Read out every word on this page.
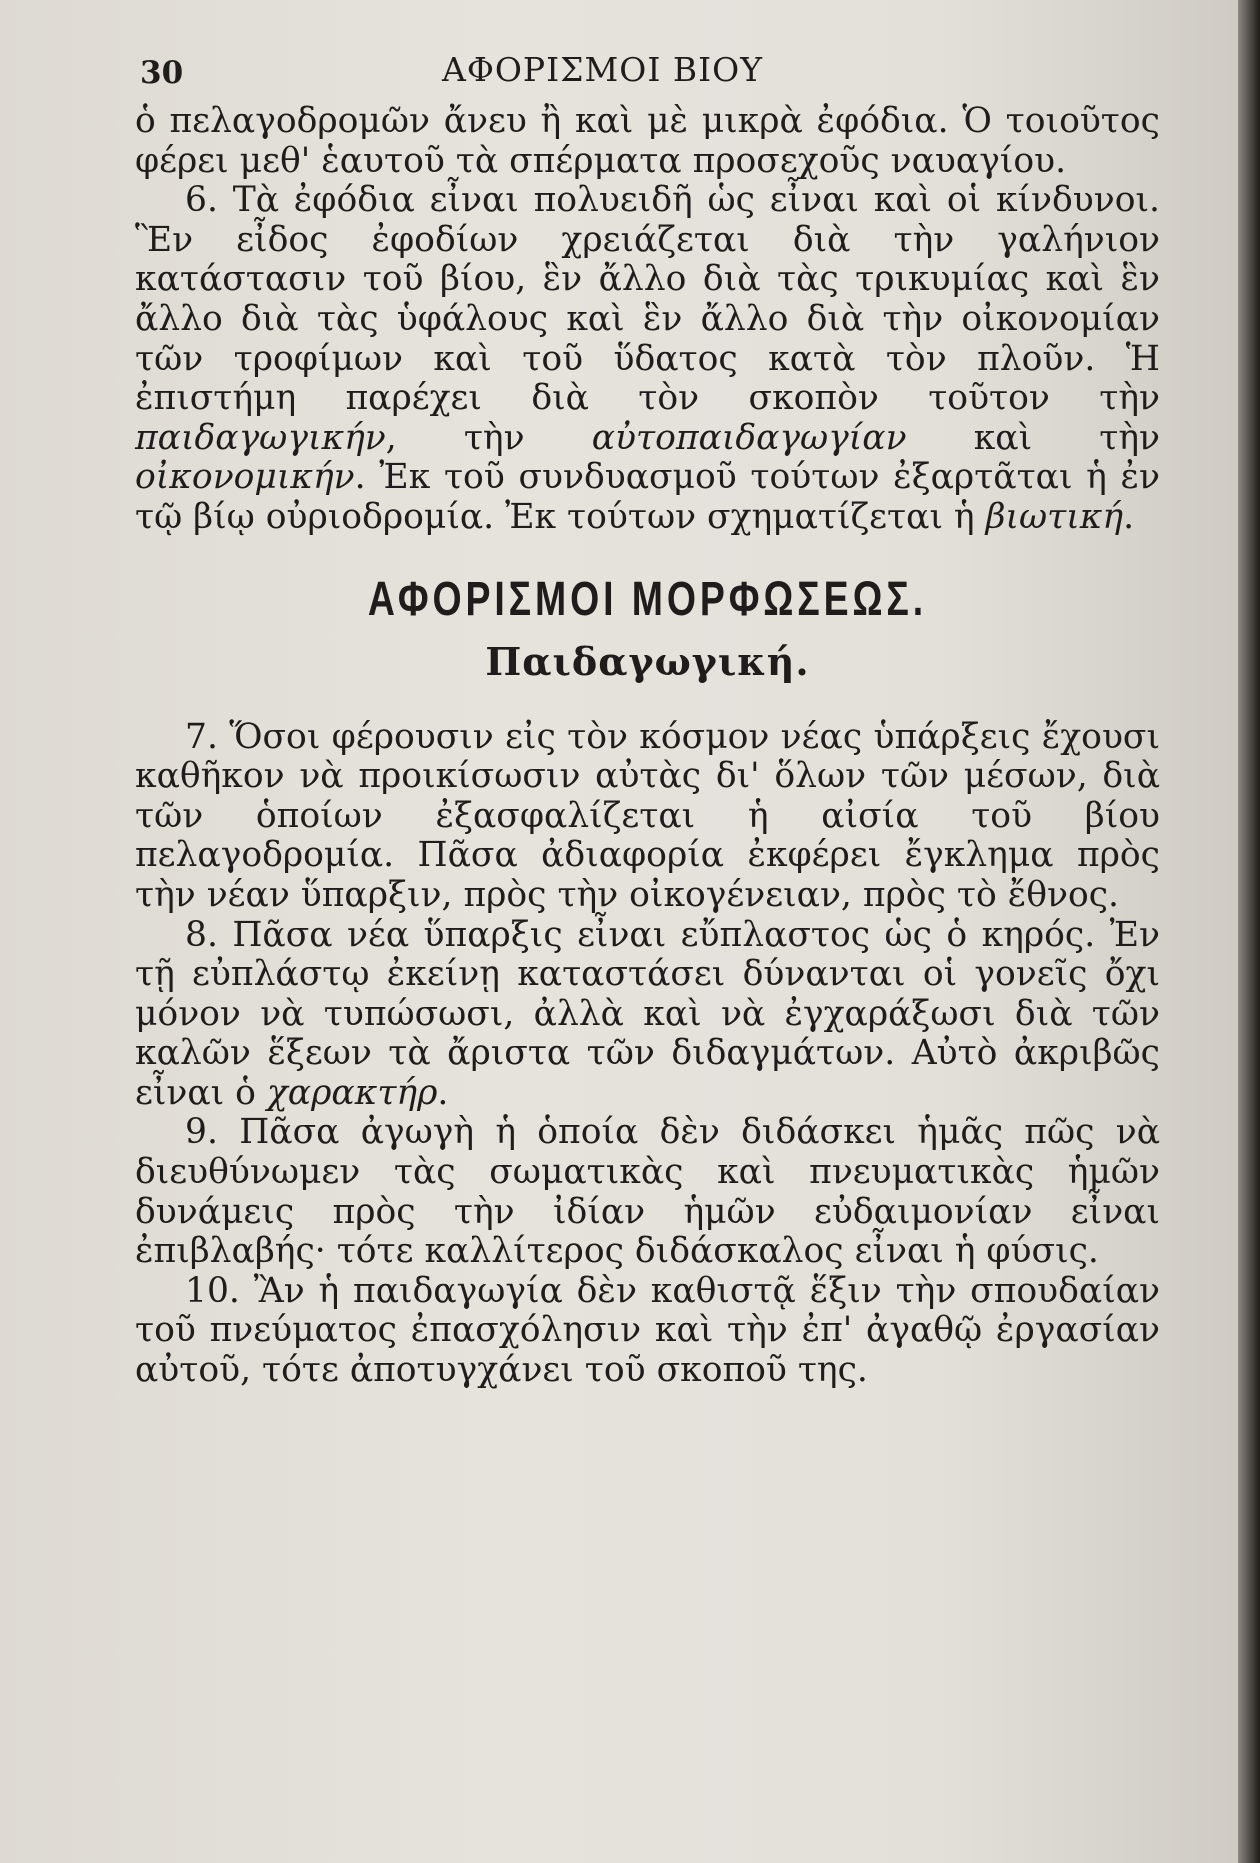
30	ΑΦΟΡΙΣΜΟΙ ΒΙΟΥ

ὁ πελαγοδρομῶν ἄνευ ἢ καὶ μὲ μικρὰ ἐφόδια. Ὁ τοιοῦτος φέρει μεθ' ἑαυτοῦ τὰ σπέρματα προσεχοῦς ναυαγίου.

6. Τὰ ἐφόδια εἶναι πολυειδῆ ὡς εἶναι καὶ οἱ κίνδυνοι. Ἓν εἶδος ἐφοδίων χρειάζεται διὰ τὴν γαλήνιον κατάστασιν τοῦ βίου, ἓν ἄλλο διὰ τὰς τρικυμίας καὶ ἓν ἄλλο διὰ τὰς ὑφάλους καὶ ἓν ἄλλο διὰ τὴν οἰκονομίαν τῶν τροφίμων καὶ τοῦ ὕδατος κατὰ τὸν πλοῦν. Ἡ ἐπιστήμη παρέχει διὰ τὸν σκοπὸν τοῦτον τὴν παιδαγωγικήν, τὴν αὐτοπαιδαγωγίαν καὶ τὴν οἰκονομικήν. Ἐκ τοῦ συνδυασμοῦ τούτων ἐξαρτᾶται ἡ ἐν τῷ βίῳ οὐριοδρομία. Ἐκ τούτων σχηματίζεται ἡ βιωτική.

ΑΦΟΡΙΣΜΟΙ ΜΟΡΦΩΣΕΩΣ.
Παιδαγωγική.

7. Ὅσοι φέρουσιν εἰς τὸν κόσμον νέας ὑπάρξεις ἔχουσι καθῆκον νὰ προικίσωσιν αὐτὰς δι' ὅλων τῶν μέσων, διὰ τῶν ὁποίων ἐξασφαλίζεται ἡ αἰσία τοῦ βίου πελαγοδρομία. Πᾶσα ἀδιαφορία ἐκφέρει ἔγκλημα πρὸς τὴν νέαν ὕπαρξιν, πρὸς τὴν οἰκογένειαν, πρὸς τὸ ἔθνος.

8. Πᾶσα νέα ὕπαρξις εἶναι εὔπλαστος ὡς ὁ κηρός. Ἐν τῇ εὐπλάστῳ ἐκείνῃ καταστάσει δύνανται οἱ γονεῖς ὄχι μόνον νὰ τυπώσωσι, ἀλλὰ καὶ νὰ ἐγχαράξωσι διὰ τῶν καλῶν ἕξεων τὰ ἄριστα τῶν διδαγμάτων. Αὐτὸ ἀκριβῶς εἶναι ὁ χαρακτήρ.

9. Πᾶσα ἀγωγὴ ἡ ὁποία δὲν διδάσκει ἡμᾶς πῶς νὰ διευθύνωμεν τὰς σωματικὰς καὶ πνευματικὰς ἡμῶν δυνάμεις πρὸς τὴν ἰδίαν ἡμῶν εὐδαιμονίαν εἶναι ἐπιβλαβής· τότε καλλίτερος διδάσκαλος εἶναι ἡ φύσις.

10. Ἂν ἡ παιδαγωγία δὲν καθιστᾷ ἕξιν τὴν σπουδαίαν τοῦ πνεύματος ἐπασχόλησιν καὶ τὴν ἐπ' ἀγαθῷ ἐργασίαν αὐτοῦ, τότε ἀποτυγχάνει τοῦ σκοποῦ της.
